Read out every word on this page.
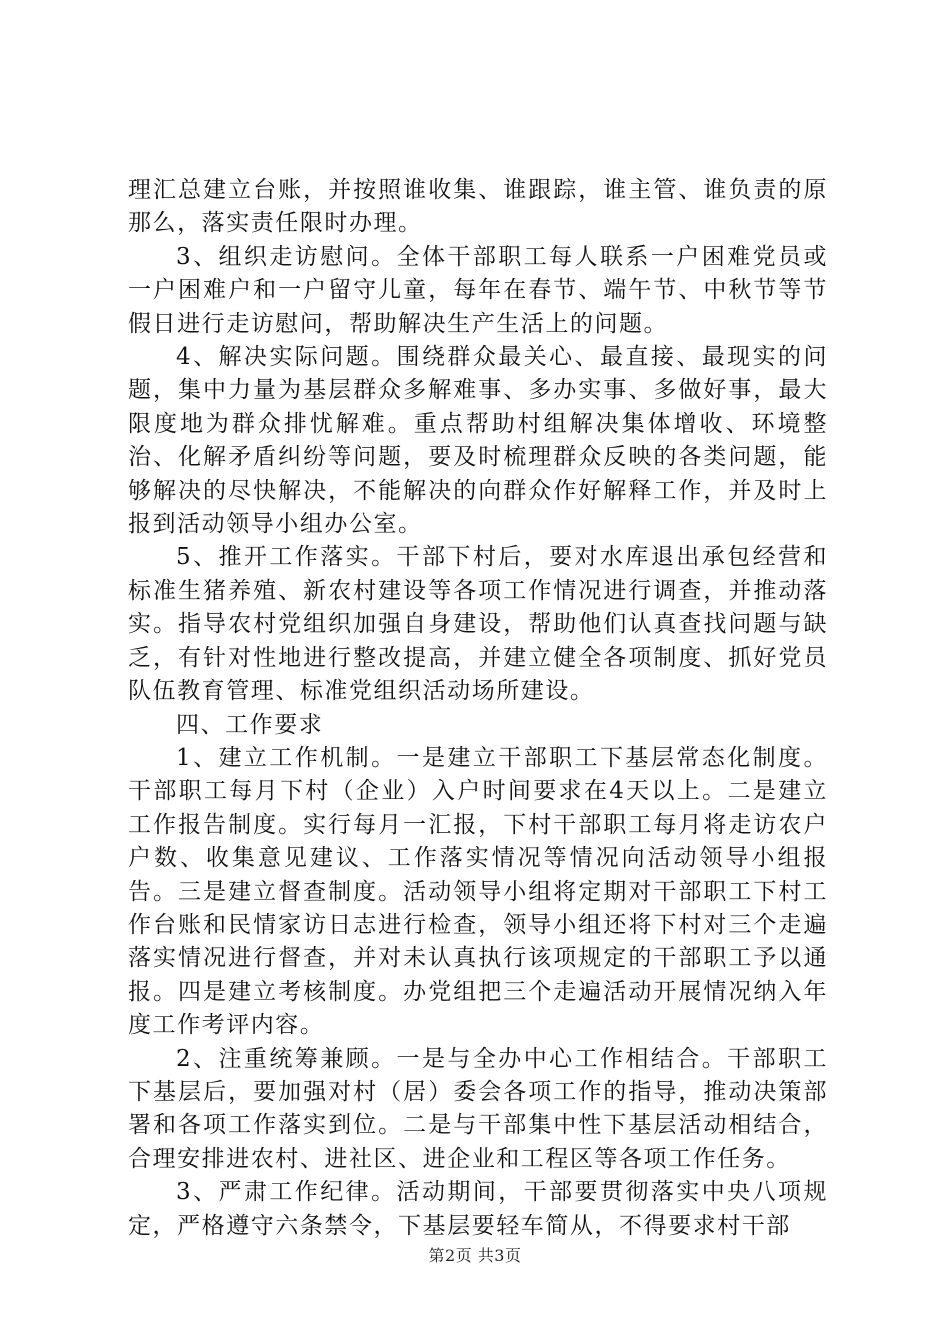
理汇总建立台账，并按照谁收集、谁跟踪，谁主管、谁负责的原那么，落实责任限时办理。

3、组织走访慰问。全体干部职工每人联系一户困难党员或一户困难户和一户留守儿童，每年在春节、端午节、中秋节等节假日进行走访慰问，帮助解决生产生活上的问题。

4、解决实际问题。围绕群众最关心、最直接、最现实的问题，集中力量为基层群众多解难事、多办实事、多做好事，最大限度地为群众排忧解难。重点帮助村组解决集体增收、环境整治、化解矛盾纠纷等问题，要及时梳理群众反映的各类问题，能够解决的尽快解决，不能解决的向群众作好解释工作，并及时上报到活动领导小组办公室。

5、推开工作落实。干部下村后，要对水库退出承包经营和标准生猪养殖、新农村建设等各项工作情况进行调查，并推动落实。指导农村党组织加强自身建设，帮助他们认真查找问题与缺乏，有针对性地进行整改提高，并建立健全各项制度、抓好党员队伍教育管理、标准党组织活动场所建设。

四、工作要求

1、建立工作机制。一是建立干部职工下基层常态化制度。干部职工每月下村（企业）入户时间要求在4天以上。二是建立工作报告制度。实行每月一汇报，下村干部职工每月将走访农户户数、收集意见建议、工作落实情况等情况向活动领导小组报告。三是建立督查制度。活动领导小组将定期对干部职工下村工作台账和民情家访日志进行检查，领导小组还将下村对三个走遍落实情况进行督查，并对未认真执行该项规定的干部职工予以通报。四是建立考核制度。办党组把三个走遍活动开展情况纳入年度工作考评内容。

2、注重统筹兼顾。一是与全办中心工作相结合。干部职工下基层后，要加强对村（居）委会各项工作的指导，推动决策部署和各项工作落实到位。二是与干部集中性下基层活动相结合，合理安排进农村、进社区、进企业和工程区等各项工作任务。

3、严肃工作纪律。活动期间，干部要贯彻落实中央八项规定，严格遵守六条禁令，下基层要轻车简从，不得要求村干部

第2页 共3页
